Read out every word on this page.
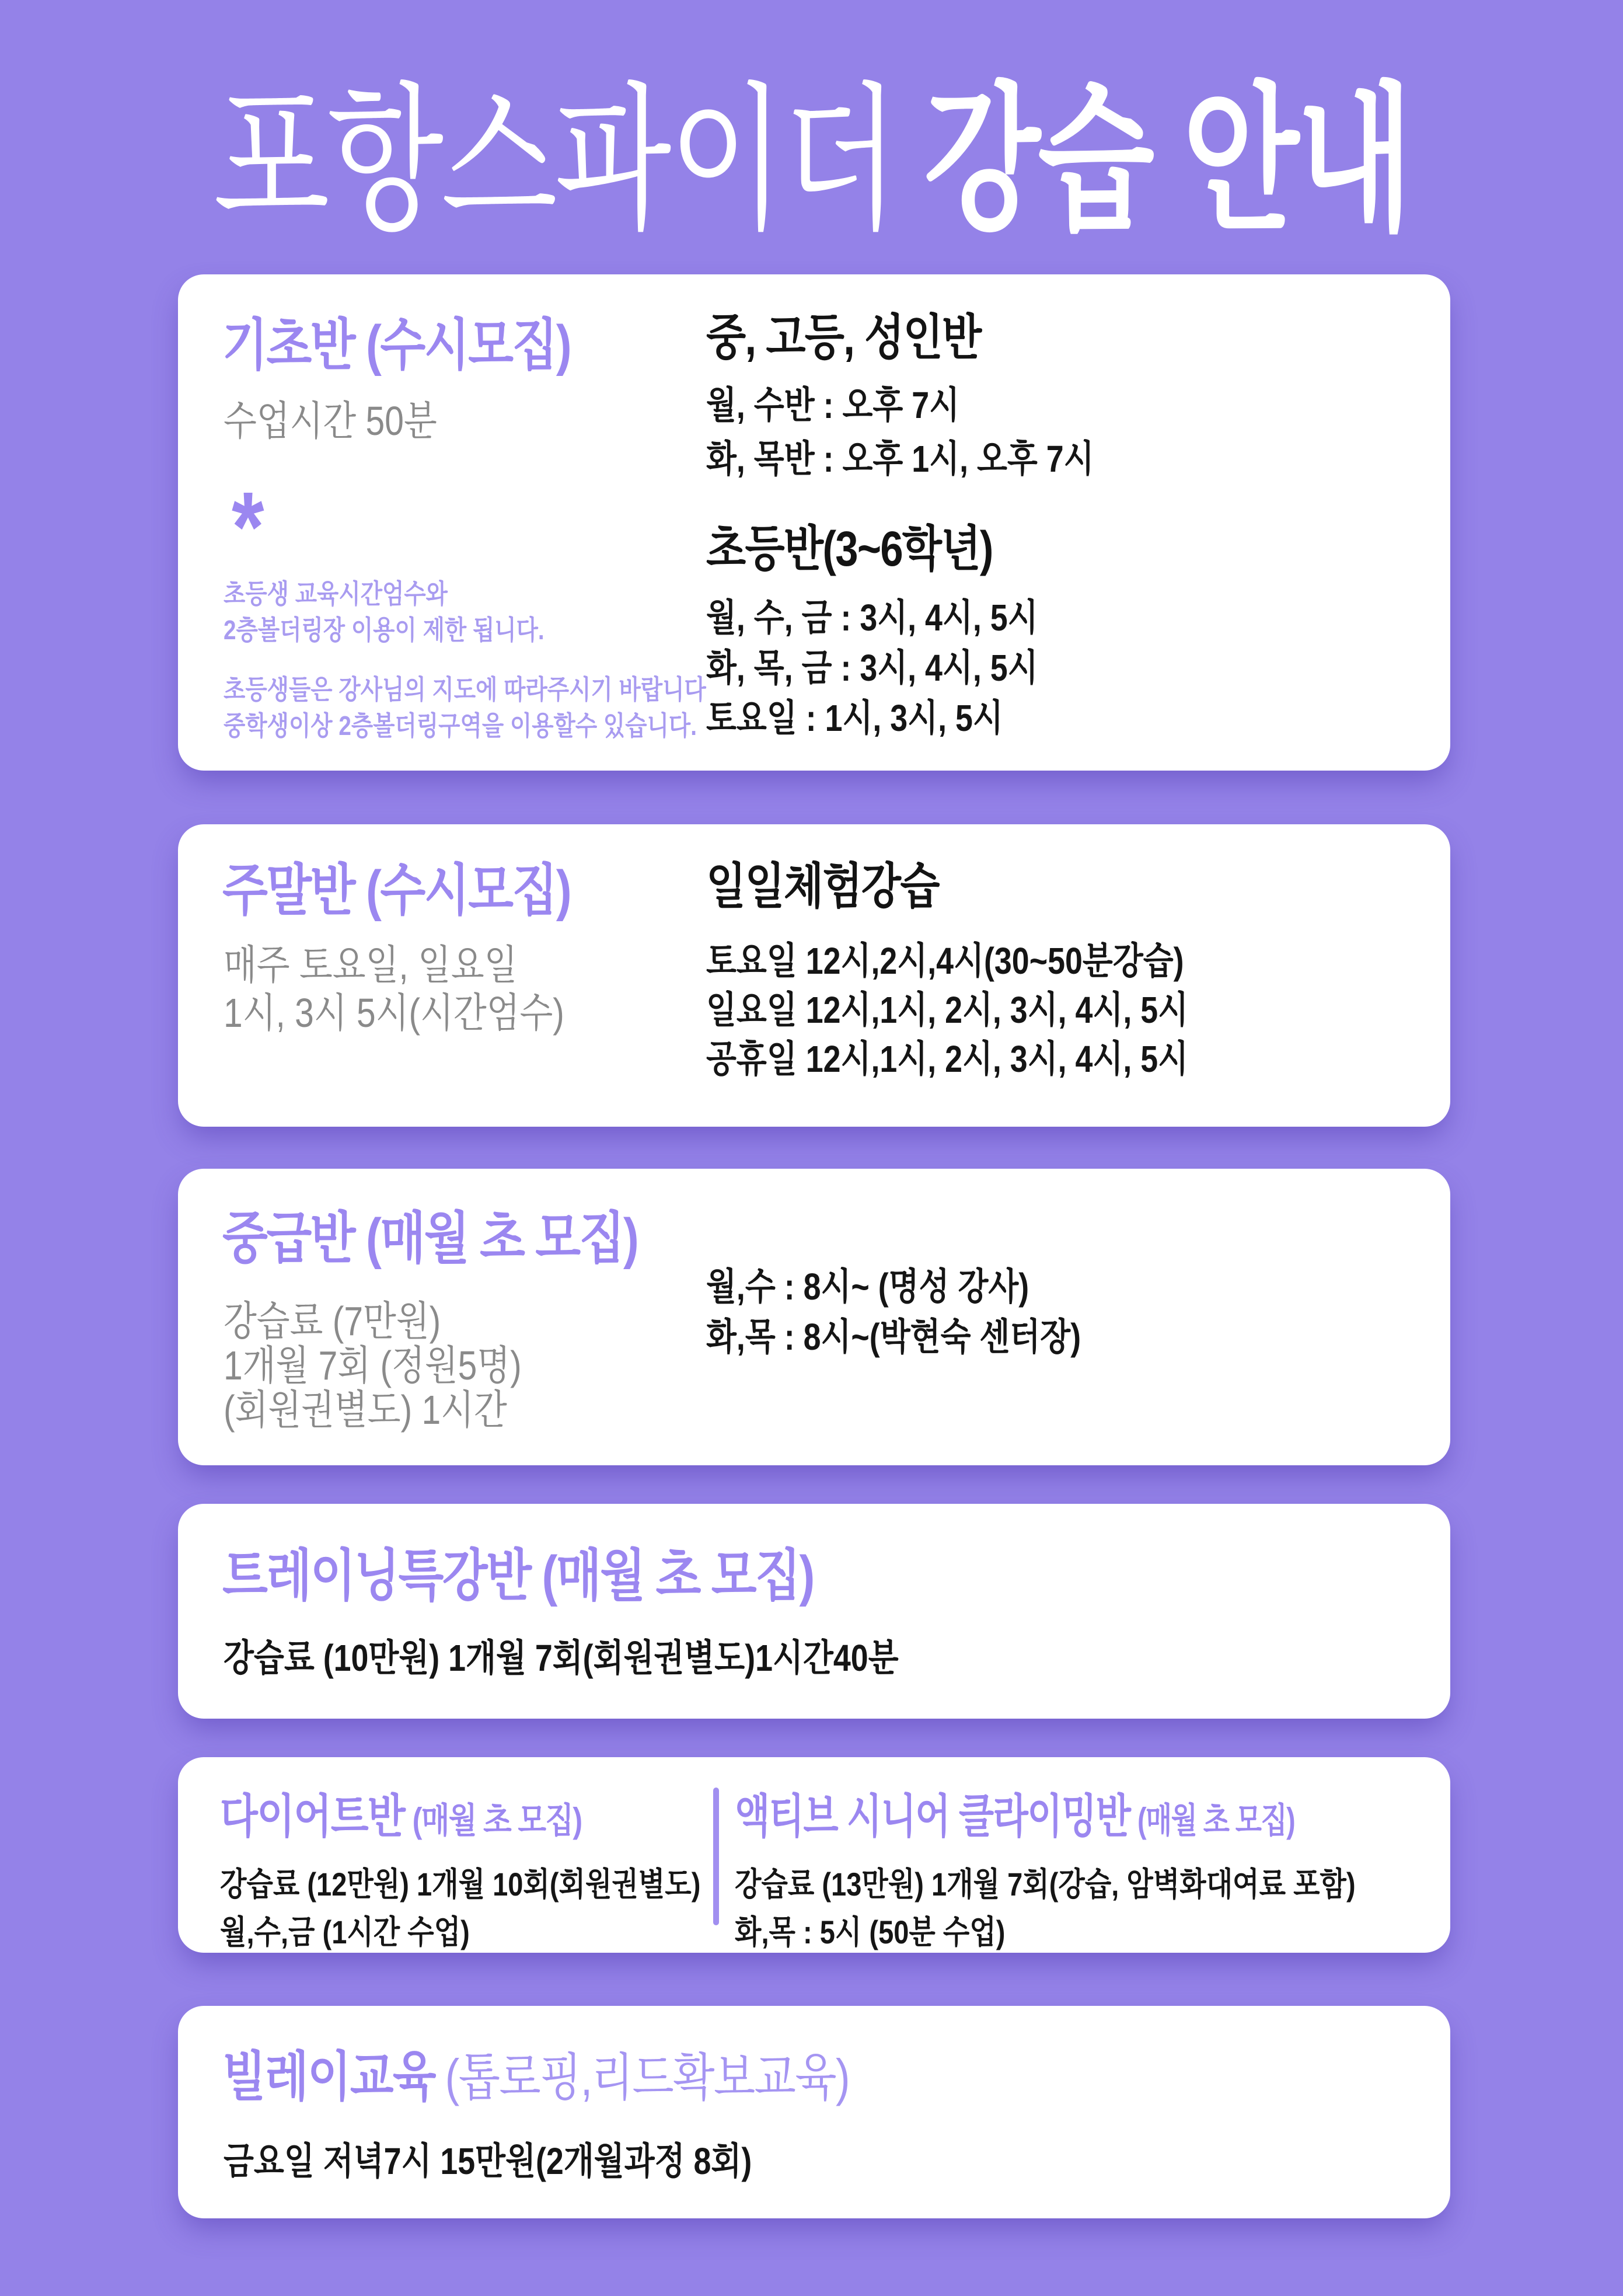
포항스파이더 강습 안내
기초반 (수시모집)
수업시간 50분
*
초등생 교육시간엄수와
2층볼더링장 이용이 제한 됩니다.
초등생들은 강사님의 지도에 따라주시기 바랍니다
중학생이상 2층볼더링구역을 이용할수 있습니다.
중, 고등, 성인반
월, 수반 : 오후 7시
화, 목반 : 오후 1시, 오후 7시
초등반(3~6학년)
월, 수, 금 : 3시, 4시, 5시
화, 목, 금 : 3시, 4시, 5시
토요일 : 1시, 3시, 5시
주말반 (수시모집)
매주 토요일, 일요일
1시, 3시 5시(시간엄수)
일일체험강습
토요일 12시,2시,4시(30~50분강습)
일요일 12시,1시, 2시, 3시, 4시, 5시
공휴일 12시,1시, 2시, 3시, 4시, 5시
중급반 (매월 초 모집)
강습료 (7만원)
1개월 7회 (정원5명)
(회원권별도) 1시간
월,수 : 8시~ (명성 강사)
화,목 : 8시~(박현숙 센터장)
트레이닝특강반 (매월 초 모집)
강습료 (10만원) 1개월 7회(회원권별도)1시간40분
다이어트반 (매월 초 모집)
강습료 (12만원) 1개월 10회(회원권별도)
월,수,금 (1시간 수업)
액티브 시니어 클라이밍반 (매월 초 모집)
강습료 (13만원) 1개월 7회(강습, 암벽화대여료 포함)
화,목 : 5시 (50분 수업)
빌레이교육 (톱로핑,리드확보교육)
금요일 저녁7시 15만원(2개월과정 8회)
